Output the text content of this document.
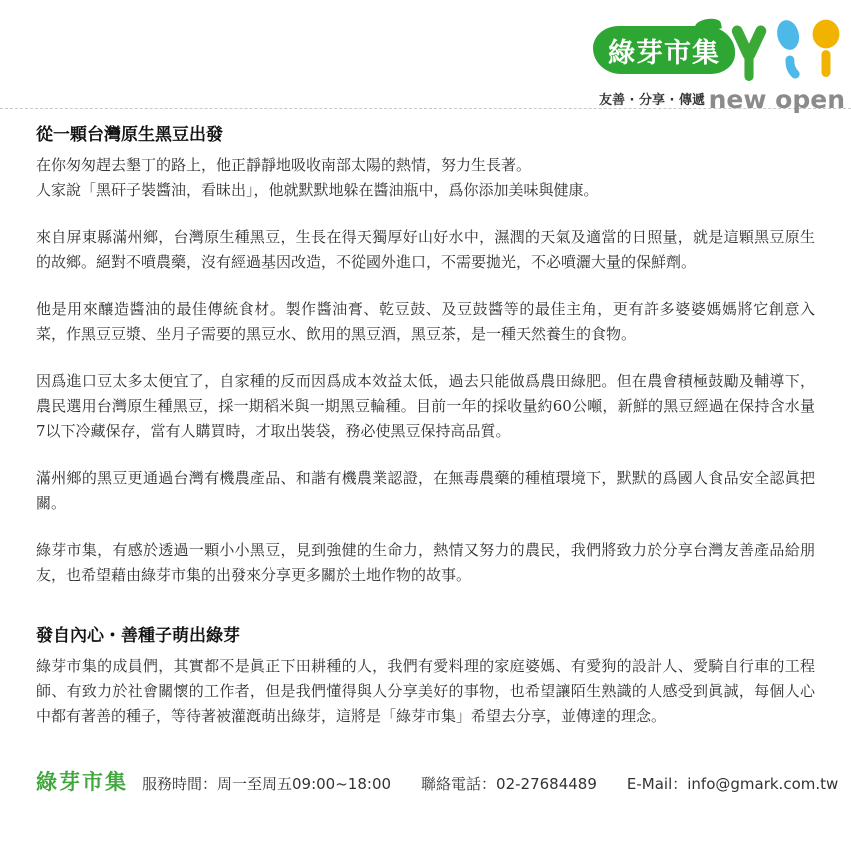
綠芽市集
友善 · 分享 · 傳遞 new open
從一顆台灣原生黑豆出發

在你匆匆趕去墾丁的路上，他正靜靜地吸收南部太陽的熱情，努力生長著。

人家說「黑矸子裝醬油，看昧出」，他就默默地躲在醬油瓶中，爲你添加美味與健康。

來自屏東縣滿州鄉，台灣原生種黑豆，生長在得天獨厚好山好水中，濕潤的天氣及適當的日照量，就是這顆黑豆原生的故鄉。絕對不噴農藥，沒有經過基因改造，不從國外進口，不需要拋光，不必噴灑大量的保鮮劑。

他是用來釀造醬油的最佳傳統食材。製作醬油膏、乾豆鼓、及豆鼓醬等的最佳主角，更有許多婆婆媽媽將它創意入菜，作黑豆豆漿、坐月子需要的黑豆水、飲用的黑豆酒，黑豆茶，是一種天然養生的食物。

因爲進口豆太多太便宜了，自家種的反而因爲成本效益太低，過去只能做爲農田綠肥。但在農會積極鼓勵及輔導下，農民選用台灣原生種黑豆，採一期稻米與一期黑豆輪種。目前一年的採收量約60公噸，新鮮的黑豆經過在保持含水量 7以下冷藏保存，當有人購買時，才取出裝袋，務必使黑豆保持高品質。

滿州鄉的黑豆更通過台灣有機農產品、和諧有機農業認證，在無毒農藥的種植環境下，默默的爲國人食品安全認眞把關。

綠芽市集，有感於透過一顆小小黑豆，見到強健的生命力，熱情又努力的農民，我們將致力於分享台灣友善產品給朋友，也希望藉由綠芽市集的出發來分享更多關於土地作物的故事。

發自內心・善種子萌出綠芽

綠芽市集的成員們，其實都不是眞正下田耕種的人，我們有愛料理的家庭婆媽、有愛狗的設計人、愛騎自行車的工程師、有致力於社會關懷的工作者，但是我們懂得與人分享美好的事物，也希望讓陌生熟識的人感受到眞誠，每個人心中都有著善的種子，等待著被灌漑萌出綠芽，這將是「綠芽市集」希望去分享，並傳達的理念。

綠芽市集 服務時間：周一至周五09:00~18:00 聯絡電話：02-27684489 E-Mail：info@gmark.com.tw
